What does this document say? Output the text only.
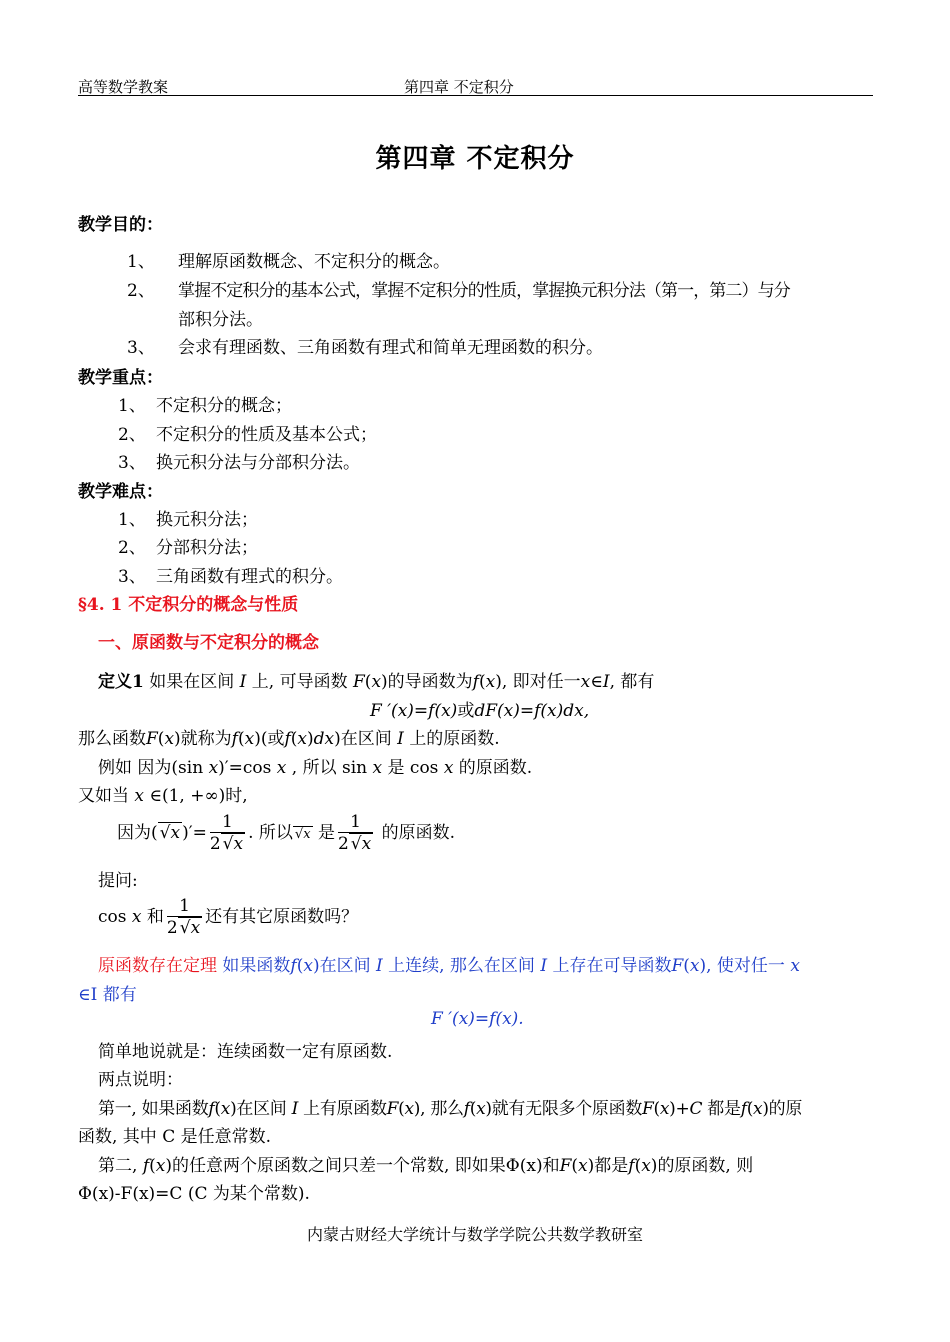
高等数学教案	第四章 不定积分
第四章 不定积分
教学目的：
1、 理解原函数概念、不定积分的概念。
2、 掌握不定积分的基本公式，掌握不定积分的性质，掌握换元积分法（第一，第二）与分
部积分法。
3、 会求有理函数、三角函数有理式和简单无理函数的积分。
教学重点：
1、 不定积分的概念；
2、 不定积分的性质及基本公式；
3、 换元积分法与分部积分法。
教学难点：
1、 换元积分法；
2、 分部积分法；
3、 三角函数有理式的积分。
§4. 1 不定积分的概念与性质
一、原函数与不定积分的概念
定义1 如果在区间 I 上, 可导函数 F(x)的导函数为f(x), 即对任一x∈I, 都有
F ′(x)=f(x)或dF(x)=f(x)dx,
那么函数F(x)就称为f(x)(或f(x)dx)在区间 I 上的原函数.
例如 因为(sin x)′=cos x , 所以 sin x 是 cos x 的原函数.
又如当 x ∈(1, +∞)时,
因为( √x )′= $\frac{1}{2 √x}$ . 所以 √x 是 $\frac{1}{2 √x}$ 的原函数.
提问:
cos x 和 $\frac{1}{2 √x}$ 还有其它原函数吗？
原函数存在定理 如果函数f(x)在区间 I 上连续, 那么在区间 I 上存在可导函数F(x), 使对任一 x
∈I 都有
F ′(x)=f(x).
简单地说就是：连续函数一定有原函数.
两点说明：
第一, 如果函数f(x)在区间 I 上有原函数F(x), 那么f(x)就有无限多个原函数F(x)+C 都是f(x)的原
函数, 其中 C 是任意常数.
第二, f(x)的任意两个原函数之间只差一个常数, 即如果Φ(x)和F(x)都是f(x)的原函数, 则
Φ(x)-F(x)=C (C 为某个常数).
内蒙古财经大学统计与数学学院公共数学教研室
